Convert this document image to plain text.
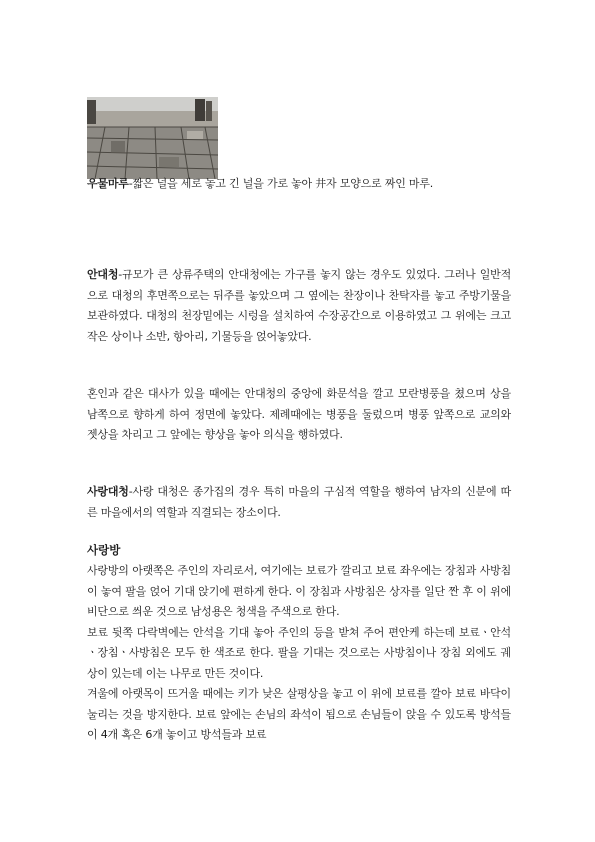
우물마루-짧은 널을 세로 놓고 긴 널을 가로 놓아 井자 모양으로 짜인 마루.

안대청-규모가 큰 상류주택의 안대청에는 가구를 놓지 않는 경우도 있었다. 그러나 일반적으로 대청의 후면쪽으로는 뒤주를 놓았으며 그 옆에는 찬장이나 찬탁자를 놓고 주방기물을 보관하였다. 대청의 천장밑에는 시렁을 설치하여 수장공간으로 이용하였고 그 위에는 크고 작은 상이나 소반, 항아리, 기물등을 얹어놓았다.

혼인과 같은 대사가 있을 때에는 안대청의 중앙에 화문석을 깔고 모란병풍을 쳤으며 상을 남쪽으로 향하게 하여 정면에 놓았다. 제례때에는 병풍을 둘렀으며 병풍 앞쪽으로 교의와 젯상을 차리고 그 앞에는 향상을 놓아 의식을 행하였다.

사랑대청-사랑 대청은 종가집의 경우 특히 마을의 구심적 역할을 행하여 남자의 신분에 따른 마을에서의 역할과 직결되는 장소이다.

사랑방

사랑방의 아랫쪽은 주인의 자리로서, 여기에는 보료가 깔리고 보료 좌우에는 장침과 사방침이 놓여 팔을 얹어 기대 앉기에 편하게 한다. 이 장침과 사방침은 상자를 일단 짠 후 이 위에 비단으로 씌운 것으로 남성용은 청색을 주색으로 한다.

보료 뒷쪽 다락벽에는 안석을 기대 놓아 주인의 등을 받쳐 주어 편안케 하는데 보료ㆍ안석ㆍ장침ㆍ사방침은 모두 한 색조로 한다. 팔을 기대는 것으로는 사방침이나 장침 외에도 궤상이 있는데 이는 나무로 만든 것이다.

겨울에 아랫목이 뜨거울 때에는 키가 낮은 살평상을 놓고 이 위에 보료를 깔아 보료 바닥이 눌리는 것을 방지한다. 보료 앞에는 손님의 좌석이 됨으로 손님들이 앉을 수 있도록 방석들이 4개 혹은 6개 놓이고 방석들과 보료
